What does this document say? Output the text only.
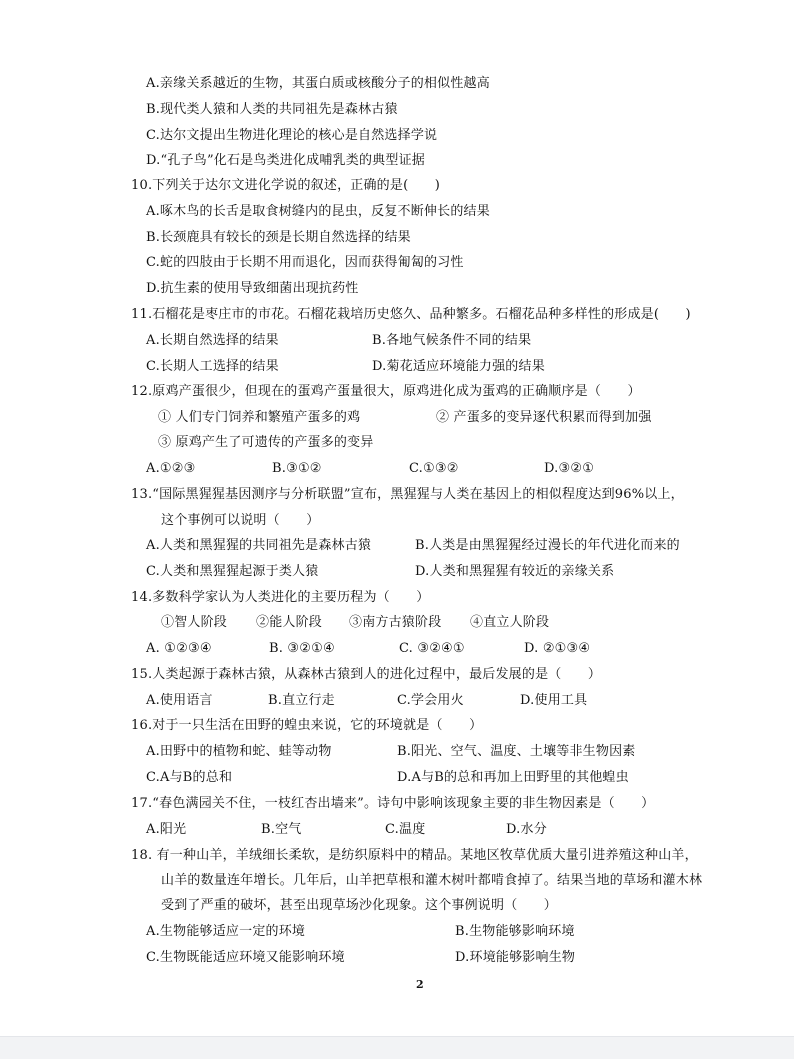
A.亲缘关系越近的生物，其蛋白质或核酸分子的相似性越高
B.现代类人猿和人类的共同祖先是森林古猿
C.达尔文提出生物进化理论的核心是自然选择学说
D.“孔子鸟”化石是鸟类进化成哺乳类的典型证据
10.下列关于达尔文进化学说的叙述，正确的是(　　)
A.啄木鸟的长舌是取食树缝内的昆虫，反复不断伸长的结果
B.长颈鹿具有较长的颈是长期自然选择的结果
C.蛇的四肢由于长期不用而退化，因而获得匍匐的习性
D.抗生素的使用导致细菌出现抗药性
11.石榴花是枣庄市的市花。石榴花栽培历史悠久、品种繁多。石榴花品种多样性的形成是(　　)
A.长期自然选择的结果	B.各地气候条件不同的结果
C.长期人工选择的结果	D.菊花适应环境能力强的结果
12.原鸡产蛋很少，但现在的蛋鸡产蛋量很大，原鸡进化成为蛋鸡的正确顺序是（　　）
① 人们专门饲养和繁殖产蛋多的鸡	② 产蛋多的变异逐代积累而得到加强
③ 原鸡产生了可遗传的产蛋多的变异
A.①②③	B.③①②	C.①③②	D.③②①
13.“国际黑猩猩基因测序与分析联盟”宣布，黑猩猩与人类在基因上的相似程度达到96%以上，
这个事例可以说明（　　）
A.人类和黑猩猩的共同祖先是森林古猿	B.人类是由黑猩猩经过漫长的年代进化而来的
C.人类和黑猩猩起源于类人猿	D.人类和黑猩猩有较近的亲缘关系
14.多数科学家认为人类进化的主要历程为（　　）
①智人阶段 ②能人阶段 ③南方古猿阶段 ④直立人阶段
A. ①②③④	B. ③②①④	C. ③②④①	D. ②①③④
15.人类起源于森林古猿，从森林古猿到人的进化过程中，最后发展的是（　　）
A.使用语言	B.直立行走	C.学会用火	D.使用工具
16.对于一只生活在田野的蝗虫来说，它的环境就是（　　）
A.田野中的植物和蛇、蛙等动物	B.阳光、空气、温度、土壤等非生物因素
C.A与B的总和	D.A与B的总和再加上田野里的其他蝗虫
17.“春色满园关不住，一枝红杏出墙来”。诗句中影响该现象主要的非生物因素是（　　）
A.阳光	B.空气	C.温度	D.水分
18. 有一种山羊，羊绒细长柔软，是纺织原料中的精品。某地区牧草优质大量引进养殖这种山羊，
山羊的数量连年增长。几年后，山羊把草根和灌木树叶都啃食掉了。结果当地的草场和灌木林
受到了严重的破坏，甚至出现草场沙化现象。这个事例说明（　　）
A.生物能够适应一定的环境	B.生物能够影响环境
C.生物既能适应环境又能影响环境	D.环境能够影响生物
2
